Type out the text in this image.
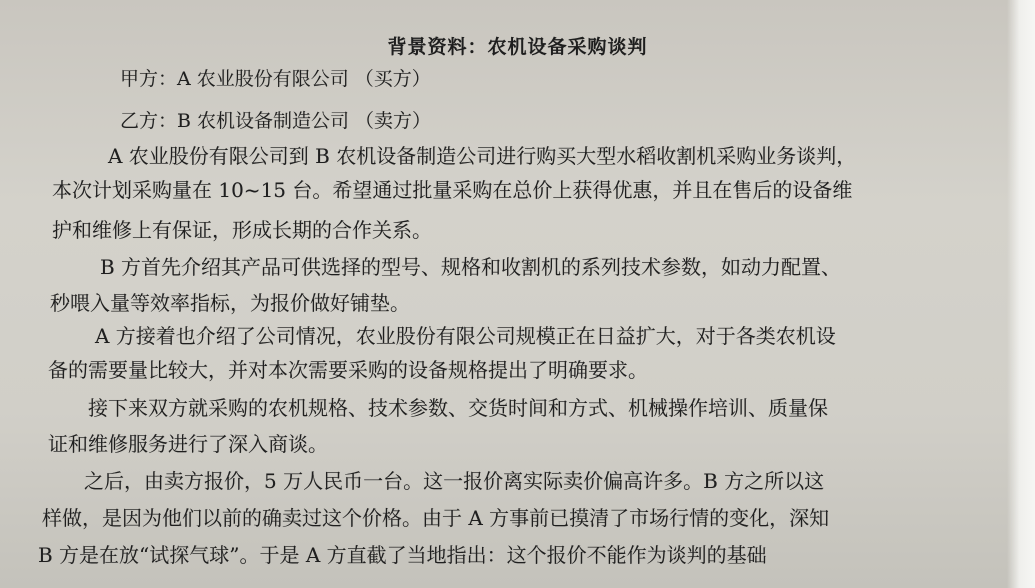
背景资料：农机设备采购谈判
甲方：A 农业股份有限公司 （买方）
乙方：B 农机设备制造公司 （卖方）
A 农业股份有限公司到 B 农机设备制造公司进行购买大型水稻收割机采购业务谈判，
本次计划采购量在 10~15 台。希望通过批量采购在总价上获得优惠，并且在售后的设备维
护和维修上有保证，形成长期的合作关系。
B 方首先介绍其产品可供选择的型号、规格和收割机的系列技术参数，如动力配置、
秒喂入量等效率指标，为报价做好铺垫。
A 方接着也介绍了公司情况，农业股份有限公司规模正在日益扩大，对于各类农机设
备的需要量比较大，并对本次需要采购的设备规格提出了明确要求。
接下来双方就采购的农机规格、技术参数、交货时间和方式、机械操作培训、质量保
证和维修服务进行了深入商谈。
之后，由卖方报价，5 万人民币一台。这一报价离实际卖价偏高许多。B 方之所以这
样做，是因为他们以前的确卖过这个价格。由于 A 方事前已摸清了市场行情的变化，深知
B 方是在放“试探气球”。于是 A 方直截了当地指出：这个报价不能作为谈判的基础
